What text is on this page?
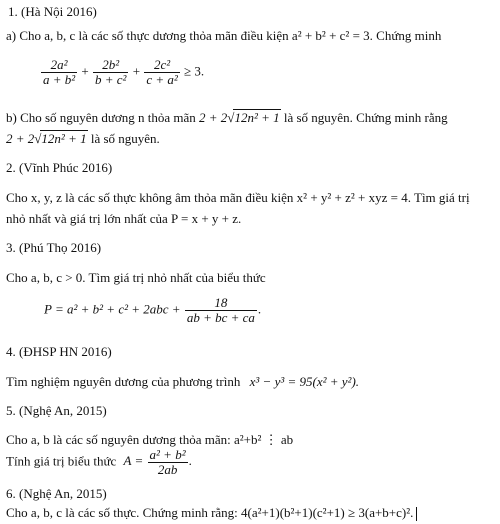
1. (Hà Nội 2016)
a) Cho a, b, c là các số thực dương thỏa mãn điều kiện a² + b² + c² = 3. Chứng minh
$\frac{\text{2a²}}{\text{a + b²}} + \frac{\text{2b²}}{\text{b + c²}} + \frac{\text{2c²}}{\text{c + a²}} \ge 3$.
b) Cho số nguyên dương n thỏa mãn 2 + 2√12n² + 1 là số nguyên. Chứng minh rằng
2 + 2√12n² + 1 là số nguyên.
2. (Vĩnh Phúc 2016)
Cho x, y, z là các số thực không âm thỏa mãn điều kiện x² + y² + z² + xyz = 4. Tìm giá trị
nhỏ nhất và giá trị lớn nhất của P = x + y + z.
3. (Phú Thọ 2016)
Cho a, b, c > 0. Tìm giá trị nhỏ nhất của biểu thức
$P = a^2 + b^2 + c^2 + 2abc + \frac{18}{ab + bc + ca}$ .
4. (ĐHSP HN 2016)
Tìm nghiệm nguyên dương của phương trình x³ − y³ = 95(x² + y²).
5. (Nghệ An, 2015)
Cho a, b là các số nguyên dương thỏa mãn: a²+b² ⋮ ab
Tính giá trị biểu thức $A = \frac{\text{a² + b²}}{2ab}$ .
6. (Nghệ An, 2015)
Cho a, b, c là các số thực. Chứng minh rằng: 4(a²+1)(b²+1)(c²+1) ≥ 3(a+b+c)².
